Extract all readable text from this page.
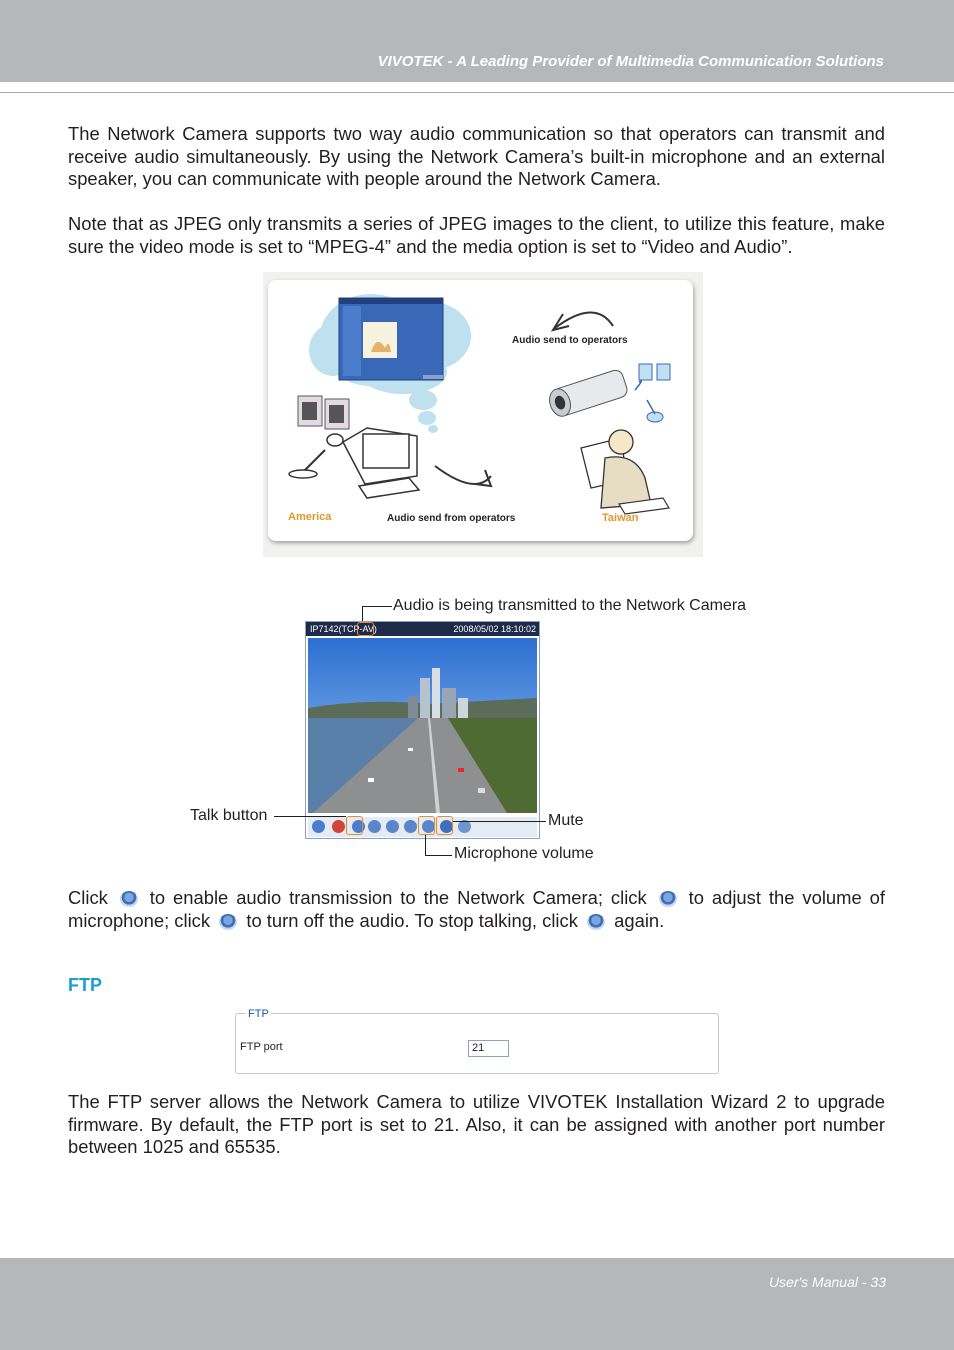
VIVOTEK - A Leading Provider of Multimedia Communication Solutions

The Network Camera supports two way audio communication so that operators can transmit and receive audio simultaneously. By using the Network Camera’s built-in microphone and an external speaker, you can communicate with people around the Network Camera.

Note that as JPEG only transmits a series of JPEG images to the client, to utilize this feature, make sure the video mode is set to “MPEG-4” and the media option is set to “Video and Audio”.

Audio send to operators
Audio send from operators
America	Taiwan
Audio is being transmitted to the Network Camera
IP7142(TCP-AV)	2008/05/02 18:10:02
Talk button	Mute
Microphone volume

Click to enable audio transmission to the Network Camera; click to adjust the volume of microphone; click to turn off the audio. To stop talking, click again.

FTP
FTP
FTP port	21

The FTP server allows the Network Camera to utilize VIVOTEK Installation Wizard 2 to upgrade firmware. By default, the FTP port is set to 21. Also, it can be assigned with another port number between 1025 and 65535.

User's Manual - 33
